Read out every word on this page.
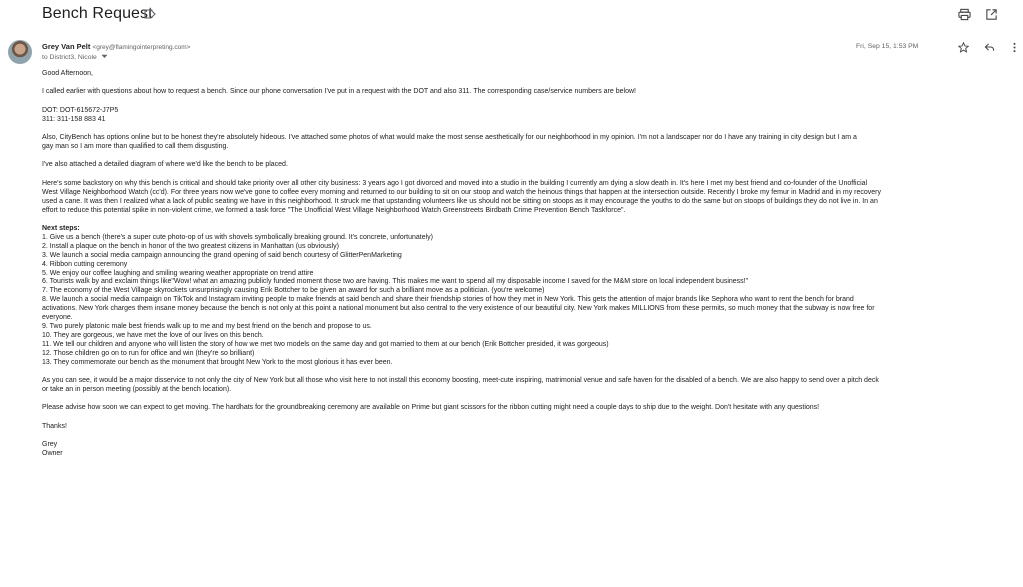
Bench Request
Grey Van Pelt <grey@flamingointerpreting.com>
to District3, Nicole
Fri, Sep 15, 1:53 PM

Good Afternoon,

I called earlier with questions about how to request a bench. Since our phone conversation I've put in a request with the DOT and also 311. The corresponding case/service numbers are below!

DOT: DOT-615672-J7P5
311: 311-158 883 41

Also, CityBench has options online but to be honest they're absolutely hideous. I've attached some photos of what would make the most sense aesthetically for our neighborhood in my opinion. I'm not a landscaper nor do I have any training in city design but I am a
gay man so I am more than qualified to call them disgusting.

I've also attached a detailed diagram of where we'd like the bench to be placed.

Here's some backstory on why this bench is critical and should take priority over all other city business: 3 years ago I got divorced and moved into a studio in the building I currently am dying a slow death in. It's here I met my best friend and co-founder of the Unofficial
West Village Neighborhood Watch (cc'd). For three years now we've gone to coffee every morning and returned to our building to sit on our stoop and watch the heinous things that happen at the intersection outside. Recently I broke my femur in Madrid and in my recovery
used a cane. It was then I realized what a lack of public seating we have in this neighborhood. It struck me that upstanding volunteers like us should not be sitting on stoops as it may encourage the youths to do the same but on stoops of buildings they do not live in. In an
effort to reduce this potential spike in non-violent crime, we formed a task force "The Unofficial West Village Neighborhood Watch Greenstreets Birdbath Crime Prevention Bench Taskforce".

Next steps:

1. Give us a bench (there's a super cute photo-op of us with shovels symbolically breaking ground. It's concrete, unfortunately)

2. Install a plaque on the bench in honor of the two greatest citizens in Manhattan (us obviously)

3. We launch a social media campaign announcing the grand opening of said bench courtesy of GlitterPenMarketing

4. Ribbon cutting ceremony

5. We enjoy our coffee laughing and smiling wearing weather appropriate on trend attire

6. Tourists walk by and exclaim things like"Wow! what an amazing publicly funded moment those two are having. This makes me want to spend all my disposable income I saved for the M&M store on local independent business!"

7. The economy of the West Village skyrockets unsurprisingly causing Erik Bottcher to be given an award for such a brilliant move as a politician. (you're welcome)

8. We launch a social media campaign on TikTok and Instagram inviting people to make friends at said bench and share their friendship stories of how they met in New York. This gets the attention of major brands like Sephora who want to rent the bench for brand
activations. New York charges them insane money because the bench is not only at this point a national monument but also central to the very existence of our beautiful city. New York makes MILLIONS from these permits, so much money that the subway is now free for
everyone.

9. Two purely platonic male best friends walk up to me and my best friend on the bench and propose to us.

10. They are gorgeous, we have met the love of our lives on this bench.

11. We tell our children and anyone who will listen the story of how we met two models on the same day and got married to them at our bench (Erik Bottcher presided, it was gorgeous)

12. Those children go on to run for office and win (they're so brilliant)

13. They commemorate our bench as the monument that brought New York to the most glorious it has ever been.

As you can see, it would be a major disservice to not only the city of New York but all those who visit here to not install this economy boosting, meet-cute inspiring, matrimonial venue and safe haven for the disabled of a bench. We are also happy to send over a pitch deck
or take an in person meeting (possibly at the bench location).

Please advise how soon we can expect to get moving. The hardhats for the groundbreaking ceremony are available on Prime but giant scissors for the ribbon cutting might need a couple days to ship due to the weight. Don't hesitate with any questions!

Thanks!

Grey

Owner
